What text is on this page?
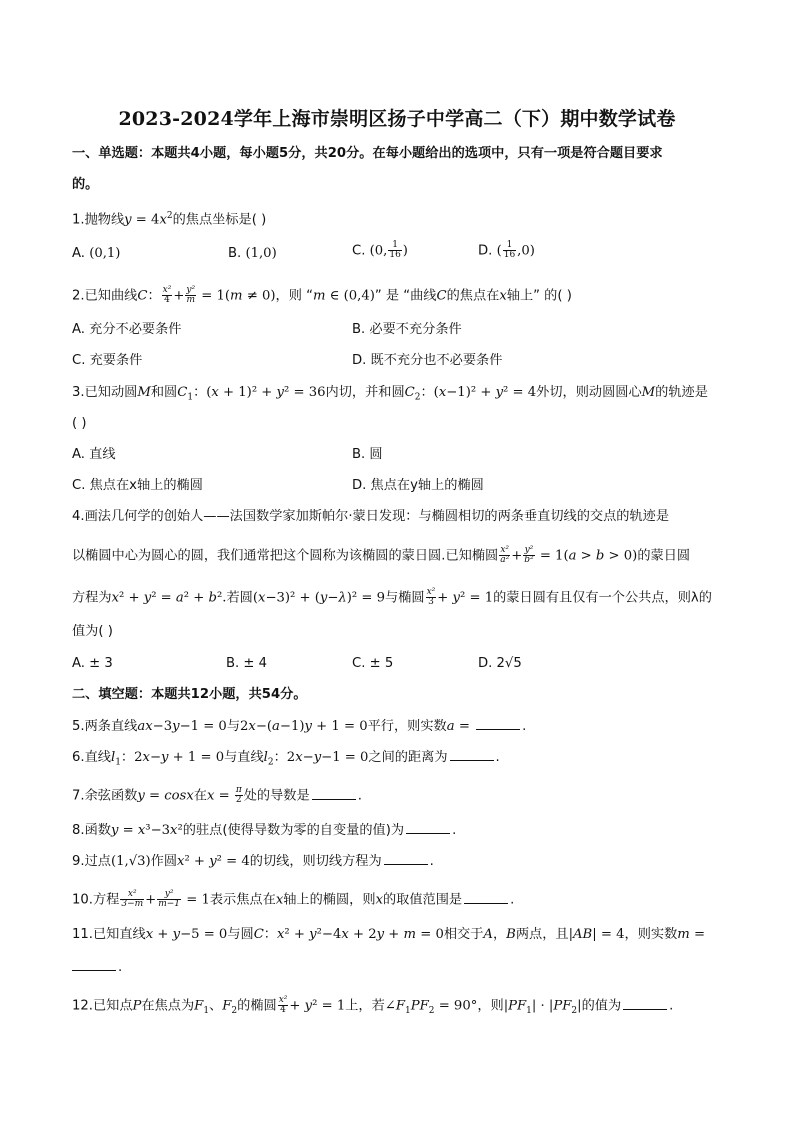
2023-2024学年上海市崇明区扬子中学高二（下）期中数学试卷
一、单选题：本题共4小题，每小题5分，共20分。在每小题给出的选项中，只有一项是符合题目要求
的。
1.抛物线$y = 4x^2$的焦点坐标是( )
A. (0,1)	B. (1,0)	C. (0, $\frac{1}{16}$ )	D. ( $\frac{1}{16} ,0$)
2.已知曲线C： $\frac{\text{x²}}{4} + \frac{\text{y²}}{m} = 1(m \ne 0)$，则 “m ∈ (0,4)” 是 “曲线C的焦点在x轴上” 的( )
A. 充分不必要条件	B. 必要不充分条件
C. 充要条件	D. 既不充分也不必要条件
3.已知动圆M和圆$C_1$：(x + 1)² + y² = 36内切，并和圆$C_2$：(x−1)² + y² = 4外切，则动圆圆心M的轨迹是
( )
A. 直线	B. 圆
C. 焦点在x轴上的椭圆	D. 焦点在y轴上的椭圆
4.画法几何学的创始人——法国数学家加斯帕尔·蒙日发现：与椭圆相切的两条垂直切线的交点的轨迹是
以椭圆中心为圆心的圆，我们通常把这个圆称为该椭圆的蒙日圆.已知椭圆 $\frac{\text{x²}}{\text{a²}} + \frac{\text{y²}}{\text{b²}} = 1(a > b > 0)$的蒙日圆
方程为x² + y² = a² + b².若圆(x−3)² + (y−λ)² = 9与椭圆 $\frac{\text{x²}}{3} + y^2 = 1$的蒙日圆有且仅有一个公共点，则λ的
值为( )
A. ± 3	B. ± 4	C. ± 5	D. 2√5
二、填空题：本题共12小题，共54分。
5.两条直线ax−3y−1 = 0与2x−(a−1)y + 1 = 0平行，则实数a =	.
6.直线$l_1$：2x−y + 1 = 0与直线$l_2$：2x−y−1 = 0之间的距离为	.
7.余弦函数y = cosx在$x = \frac{\pi}{2}$ 处的导数是	.
8.函数y = x³−3x²的驻点(使得导数为零的自变量的值)为	.
9.过点(1,√3)作圆x² + y² = 4的切线，则切线方程为	.
10.方程 $\frac{\text{x²}}{3-m} + \frac{\text{y²}}{m-1} = 1$表示焦点在x轴上的椭圆，则x的取值范围是	.
11.已知直线x + y−5 = 0与圆C：x² + y²−4x + 2y + m = 0相交于A，B两点，且|AB| = 4，则实数m =
.
12.已知点P在焦点为$F_1$、$F_2$的椭圆 $\frac{\text{x²}}{4} + y^2 = 1$上，若$\angle F_1PF_2 = 90^\circ$，则$|PF_1| \cdot |PF_2|$的值为	.
